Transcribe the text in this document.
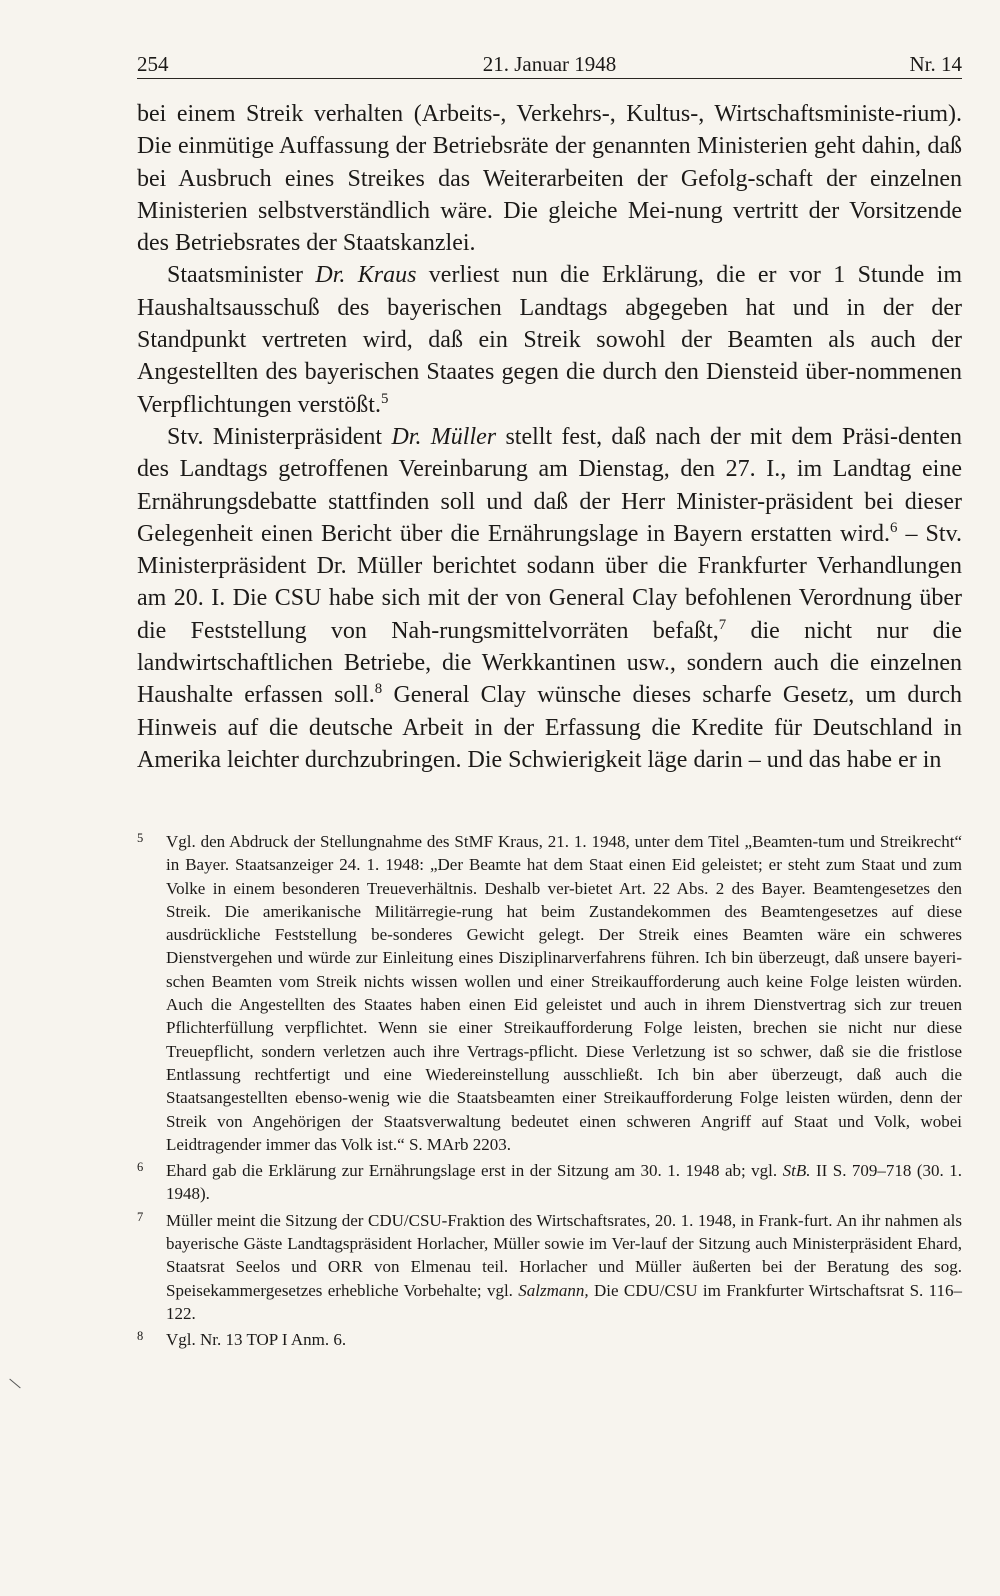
254	21. Januar 1948	Nr. 14

bei einem Streik verhalten (Arbeits-, Verkehrs-, Kultus-, Wirtschaftsministe-rium). Die einmütige Auffassung der Betriebsräte der genannten Ministerien geht dahin, daß bei Ausbruch eines Streikes das Weiterarbeiten der Gefolg-schaft der einzelnen Ministerien selbstverständlich wäre. Die gleiche Mei-nung vertritt der Vorsitzende des Betriebsrates der Staatskanzlei.

Staatsminister Dr. Kraus verliest nun die Erklärung, die er vor 1 Stunde im Haushaltsausschuß des bayerischen Landtags abgegeben hat und in der der Standpunkt vertreten wird, daß ein Streik sowohl der Beamten als auch der Angestellten des bayerischen Staates gegen die durch den Diensteid über-nommenen Verpflichtungen verstößt.$^5$

Stv. Ministerpräsident Dr. Müller stellt fest, daß nach der mit dem Präsi-denten des Landtags getroffenen Vereinbarung am Dienstag, den 27. I., im Landtag eine Ernährungsdebatte stattfinden soll und daß der Herr Minister-präsident bei dieser Gelegenheit einen Bericht über die Ernährungslage in Bayern erstatten wird.$^6$ – Stv. Ministerpräsident Dr. Müller berichtet sodann über die Frankfurter Verhandlungen am 20. I. Die CSU habe sich mit der von General Clay befohlenen Verordnung über die Feststellung von Nah-rungsmittelvorräten befaßt,$^7$ die nicht nur die landwirtschaftlichen Betriebe, die Werkkantinen usw., sondern auch die einzelnen Haushalte erfassen soll.$^8$ General Clay wünsche dieses scharfe Gesetz, um durch Hinweis auf die deutsche Arbeit in der Erfassung die Kredite für Deutschland in Amerika leichter durchzubringen. Die Schwierigkeit läge darin – und das habe er in

5 Vgl. den Abdruck der Stellungnahme des StMF Kraus, 21. 1. 1948, unter dem Titel „Beamten-tum und Streikrecht“ in Bayer. Staatsanzeiger 24. 1. 1948: „Der Beamte hat dem Staat einen Eid geleistet; er steht zum Staat und zum Volke in einem besonderen Treueverhältnis. Deshalb ver-bietet Art. 22 Abs. 2 des Bayer. Beamtengesetzes den Streik. Die amerikanische Militärregie-rung hat beim Zustandekommen des Beamtengesetzes auf diese ausdrückliche Feststellung be-sonderes Gewicht gelegt. Der Streik eines Beamten wäre ein schweres Dienstvergehen und würde zur Einleitung eines Disziplinarverfahrens führen. Ich bin überzeugt, daß unsere bayeri-schen Beamten vom Streik nichts wissen wollen und einer Streikaufforderung auch keine Folge leisten würden. Auch die Angestellten des Staates haben einen Eid geleistet und auch in ihrem Dienstvertrag sich zur treuen Pflichterfüllung verpflichtet. Wenn sie einer Streikaufforderung Folge leisten, brechen sie nicht nur diese Treuepflicht, sondern verletzen auch ihre Vertrags-pflicht. Diese Verletzung ist so schwer, daß sie die fristlose Entlassung rechtfertigt und eine Wiedereinstellung ausschließt. Ich bin aber überzeugt, daß auch die Staatsangestellten ebenso-wenig wie die Staatsbeamten einer Streikaufforderung Folge leisten würden, denn der Streik von Angehörigen der Staatsverwaltung bedeutet einen schweren Angriff auf Staat und Volk, wobei Leidtragender immer das Volk ist.“ S. MArb 2203.

6 Ehard gab die Erklärung zur Ernährungslage erst in der Sitzung am 30. 1. 1948 ab; vgl. StB. II S. 709–718 (30. 1. 1948).

7 Müller meint die Sitzung der CDU/CSU-Fraktion des Wirtschaftsrates, 20. 1. 1948, in Frank-furt. An ihr nahmen als bayerische Gäste Landtagspräsident Horlacher, Müller sowie im Ver-lauf der Sitzung auch Ministerpräsident Ehard, Staatsrat Seelos und ORR von Elmenau teil. Horlacher und Müller äußerten bei der Beratung des sog. Speisekammergesetzes erhebliche Vorbehalte; vgl. Salzmann, Die CDU/CSU im Frankfurter Wirtschaftsrat S. 116–122.

8 Vgl. Nr. 13 TOP I Anm. 6.
